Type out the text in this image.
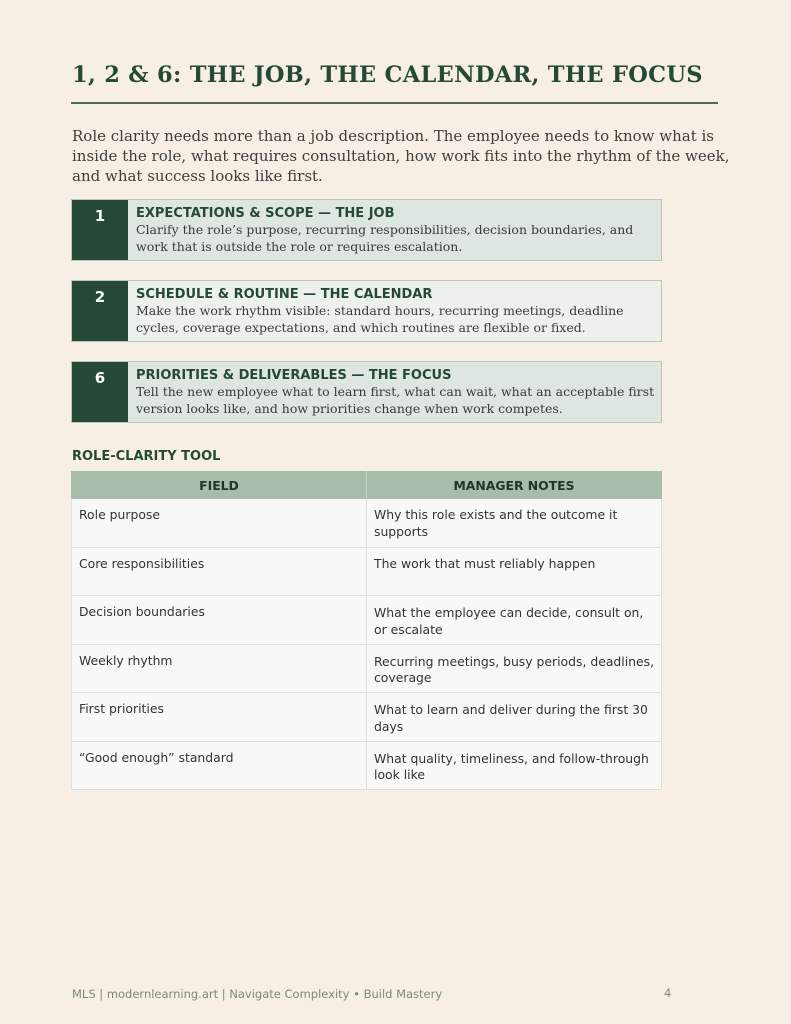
1, 2 & 6: THE JOB, THE CALENDAR, THE FOCUS

Role clarity needs more than a job description. The employee needs to know what is inside the role, what requires consultation, how work fits into the rhythm of the week, and what success looks like first.

1	EXPECTATIONS & SCOPE — THE JOB
Clarify the role’s purpose, recurring responsibilities, decision boundaries, and work that is outside the role or requires escalation.
2	SCHEDULE & ROUTINE — THE CALENDAR
Make the work rhythm visible: standard hours, recurring meetings, deadline cycles, coverage expectations, and which routines are flexible or fixed.
6	PRIORITIES & DELIVERABLES — THE FOCUS
Tell the new employee what to learn first, what can wait, what an acceptable first version looks like, and how priorities change when work competes.
ROLE-CLARITY TOOL
FIELD	MANAGER NOTES
Role purpose	Why this role exists and the outcome it supports
Core responsibilities	The work that must reliably happen
Decision boundaries	What the employee can decide, consult on, or escalate
Weekly rhythm	Recurring meetings, busy periods, deadlines, coverage
First priorities	What to learn and deliver during the first 30 days
“Good enough” standard	What quality, timeliness, and follow-through look like
MLS | modernlearning.art | Navigate Complexity • Build Mastery	4
